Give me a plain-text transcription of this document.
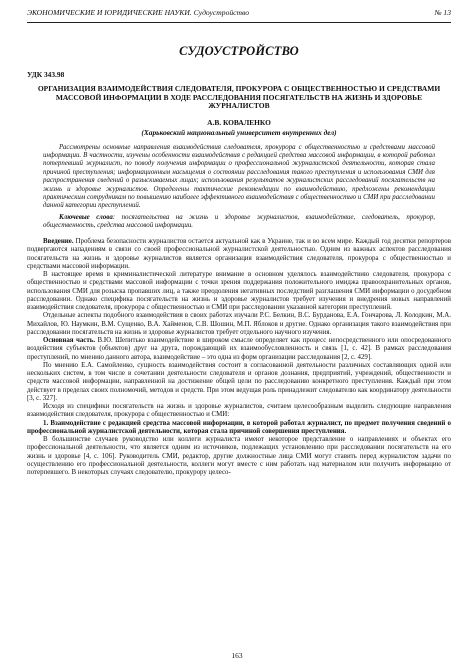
ЭКОНОМИЧЕСКИЕ И ЮРИДИЧЕСКИЕ НАУКИ. Судоустройство	№ 13
СУДОУСТРОЙСТВО
УДК 343.98
ОРГАНИЗАЦИЯ ВЗАИМОДЕЙСТВИЯ СЛЕДОВАТЕЛЯ, ПРОКУРОРА С ОБЩЕСТВЕННОСТЬЮ И СРЕДСТВАМИ МАССОВОЙ ИНФОРМАЦИИ В ХОДЕ РАССЛЕДОВАНИЯ ПОСЯГАТЕЛЬСТВ НА ЖИЗНЬ И ЗДОРОВЬЕ ЖУРНАЛИСТОВ
А.В. КОВАЛЕНКО
(Харьковский национальный университет внутренних дел)
Рассмотрены основные направления взаимодействия следователя, прокурора с общественностью и средствами массовой информации. В частности, изучены особенности взаимодействия с редакцией средства массовой информации, в которой работал потерпевший журналист, по поводу получения информации о профессиональной журналистской деятельности, которая стала причиной преступления; информационным насыщения о состоянии расследования такого преступления и использования СМИ для распространения сведений о разыскиваемых лицах; использования результатов журналистских расследований посягательств на жизнь и здоровье журналистов. Определены тактические рекомендации по взаимодействию, предложены рекомендации практическим сотрудникам по повышению наиболее эффективного взаимодействия с общественностью и СМИ при расследовании данной категории преступлений.
Ключевые слова: посягательства на жизнь и здоровье журналистов, взаимодействие, следователь, прокурор, общественность, средства массовой информации.

Введение. Проблема безопасности журналистов остается актуальной как в Украине, так и во всем мире. Каждый год десятки репортеров подвергаются нападениям в связи со своей профессиональной журналистской деятельностью. Одним из важных аспектов расследования посягательств на жизнь и здоровье журналистов является организация взаимодействия следователя, прокурора с общественностью и средствами массовой информации.

В настоящее время в криминалистической литературе внимание в основном уделялось взаимодействию следователя, прокурора с общественностью и средствами массовой информации с точки зрения поддержания положительного имиджа правоохранительных органов, использования СМИ для розыска пропавших лиц, а также преодоления негативных последствий разглашения СМИ информации о досудебном расследовании. Однако специфика посягательств на жизнь и здоровье журналистов требует изучения и внедрения новых направлений взаимодействия следователя, прокурора с общественностью и СМИ при расследовании указанной категории преступлений.

Отдельные аспекты подобного взаимодействия в своих работах изучали Р.С. Белкин, В.С. Бурданова, Е.А. Гончарова, Л. Колодкин, М.А. Михайлов, Ю. Наумкин, В.М. Сущенко, В.А. Хайменов, С.В. Шошин, М.П. Яблоков и другие. Однако организация такого взаимодействия при расследовании посягательств на жизнь и здоровье журналистов требует отдельного научного изучения.

Основная часть. В.Ю. Шепитько взаимодействие в широком смысле определяет как процесс непосредственного или опосредованного воздействия субъектов (объектов) друг на друга, порождающий их взаимообусловленность и связь [1, с. 42]. В рамках расследования преступлений, по мнению данного автора, взаимодействие – это одна из форм организации расследования [2, с. 429].

По мнению Е.А. Самойленко, сущность взаимодействия состоит в согласованной деятельности различных составляющих одной или нескольких систем, в том числе в сочетании деятельности следователя и органов дознания, предприятий, учреждений, общественности и средств массовой информации, направленной на достижение общей цели по расследованию конкретного преступления. Каждый при этом действует в пределах своих полномочий, методов и средств. При этом ведущая роль принадлежит следователю как координатору деятельности [3, с. 327].

Исходя из специфики посягательств на жизнь и здоровье журналистов, считаем целесообразным выделить следующие направления взаимодействия следователя, прокурора с общественностью и СМИ:

1. Взаимодействие с редакцией средства массовой информации, в которой работал журналист, по предмет получения сведений о профессиональной журналистской деятельности, которая стала причиной совершения преступления.

В большинстве случаев руководство или коллеги журналиста имеют некоторое представление о направлениях и объектах его профессиональной деятельности, что является одним из источников, подлежащих установлению при расследовании посягательств на его жизнь и здоровье [4, с. 106]. Руководитель СМИ, редактор, другие должностные лица СМИ могут ставить перед журналистом задачи по осуществлению его профессиональной деятельности, коллеги могут вместе с ним работать над материалом или получить информацию от потерпевшего. В некоторых случаях следователю, прокурору целесо-

163
